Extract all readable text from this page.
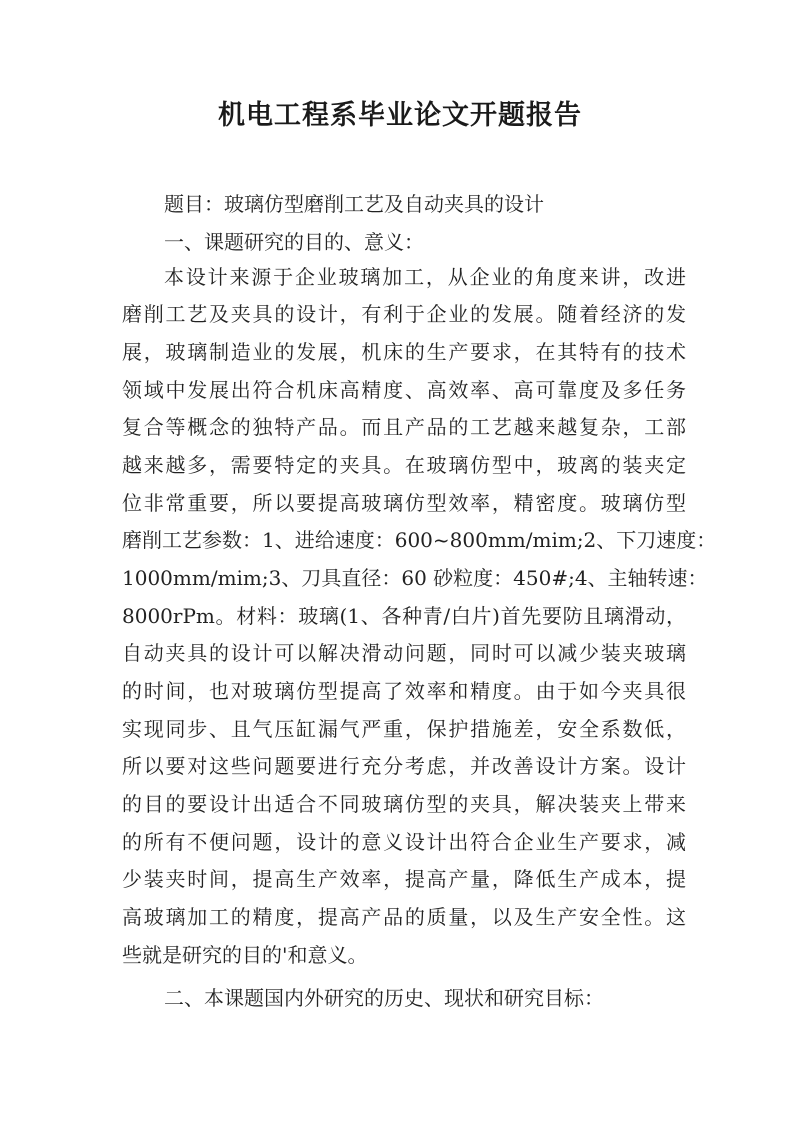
机电工程系毕业论文开题报告
题目：玻璃仿型磨削工艺及自动夹具的设计
一、课题研究的目的、意义：
本设计来源于企业玻璃加工，从企业的角度来讲，改进
磨削工艺及夹具的设计，有利于企业的发展。随着经济的发
展，玻璃制造业的发展，机床的生产要求，在其特有的技术
领域中发展出符合机床高精度、高效率、高可靠度及多任务
复合等概念的独特产品。而且产品的工艺越来越复杂，工部
越来越多，需要特定的夹具。在玻璃仿型中，玻离的装夹定
位非常重要，所以要提高玻璃仿型效率，精密度。玻璃仿型
磨削工艺参数：1、进给速度：600~800mm/mim;2、下刀速度：
1000mm/mim;3、刀具直径：60 砂粒度：450#;4、主轴转速：
8000rPm。材料：玻璃(1、各种青/白片)首先要防且璃滑动，
自动夹具的设计可以解决滑动问题，同时可以减少装夹玻璃
的时间，也对玻璃仿型提高了效率和精度。由于如今夹具很
实现同步、且气压缸漏气严重，保护措施差，安全系数低，
所以要对这些问题要进行充分考虑，并改善设计方案。设计
的目的要设计出适合不同玻璃仿型的夹具，解决装夹上带来
的所有不便问题，设计的意义设计出符合企业生产要求，减
少装夹时间，提高生产效率，提高产量，降低生产成本，提
高玻璃加工的精度，提高产品的质量，以及生产安全性。这
些就是研究的目的'和意义。
二、本课题国内外研究的历史、现状和研究目标：
